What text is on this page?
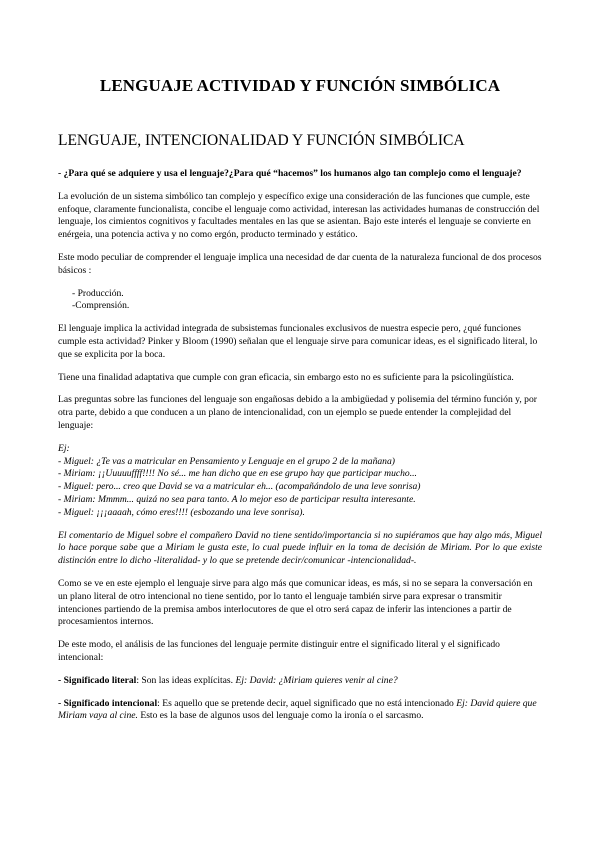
LENGUAJE ACTIVIDAD Y FUNCIÓN SIMBÓLICA
LENGUAJE, INTENCIONALIDAD Y FUNCIÓN SIMBÓLICA

- ¿Para qué se adquiere y usa el lenguaje?¿Para qué “hacemos” los humanos algo tan complejo como el lenguaje?

La evolución de un sistema simbólico tan complejo y específico exige una consideración de las funciones que cumple, este enfoque, claramente funcionalista, concibe el lenguaje como actividad, interesan las actividades humanas de construcción del lenguaje, los cimientos cognitivos y facultades mentales en las que se asientan. Bajo este interés el lenguaje se convierte en enérgeia, una potencia activa y no como ergón, producto terminado y estático.

Este modo peculiar de comprender el lenguaje implica una necesidad de dar cuenta de la naturaleza funcional de dos procesos básicos :

- Producción.
-Comprensión.

El lenguaje implica la actividad integrada de subsistemas funcionales exclusivos de nuestra especie pero, ¿qué funciones cumple esta actividad? Pinker y Bloom (1990) señalan que el lenguaje sirve para comunicar ideas, es el significado literal, lo que se explicita por la boca.

Tiene una finalidad adaptativa que cumple con gran eficacia, sin embargo esto no es suficiente para la psicolingüística.

Las preguntas sobre las funciones del lenguaje son engañosas debido a la ambigüedad y polisemia del término función y, por otra parte, debido a que conducen a un plano de intencionalidad, con un ejemplo se puede entender la complejidad del lenguaje:

Ej:
- Miguel: ¿Te vas a matricular en Pensamiento y Lenguaje en el grupo 2 de la mañana)
- Miriam: ¡¡Uuuuuffff!!!! No sé... me han dicho que en ese grupo hay que participar mucho...
- Miguel: pero... creo que David se va a matricular eh... (acompañándolo de una leve sonrisa)
- Miriam: Mmmm... quizá no sea para tanto. A lo mejor eso de participar resulta interesante.
- Miguel: ¡¡¡aaaah, cómo eres!!!! (esbozando una leve sonrisa).

El comentario de Miguel sobre el compañero David no tiene sentido/importancia si no supiéramos que hay algo más, Miguel lo hace porque sabe que a Miriam le gusta este, lo cual puede influir en la toma de decisión de Miriam. Por lo que existe distinción entre lo dicho -literalidad- y lo que se pretende decir/comunicar -intencionalidad-.

Como se ve en este ejemplo el lenguaje sirve para algo más que comunicar ideas, es más, si no se separa la conversación en un plano literal de otro intencional no tiene sentido, por lo tanto el lenguaje también sirve para expresar o transmitir intenciones partiendo de la premisa ambos interlocutores de que el otro será capaz de inferir las intenciones a partir de procesamientos internos.

De este modo, el análisis de las funciones del lenguaje permite distinguir entre el significado literal y el significado intencional:

- Significado literal: Son las ideas explícitas. Ej: David: ¿Miriam quieres venir al cine?

- Significado intencional: Es aquello que se pretende decir, aquel significado que no está intencionado Ej: David quiere que Miriam vaya al cine. Esto es la base de algunos usos del lenguaje como la ironía o el sarcasmo.
